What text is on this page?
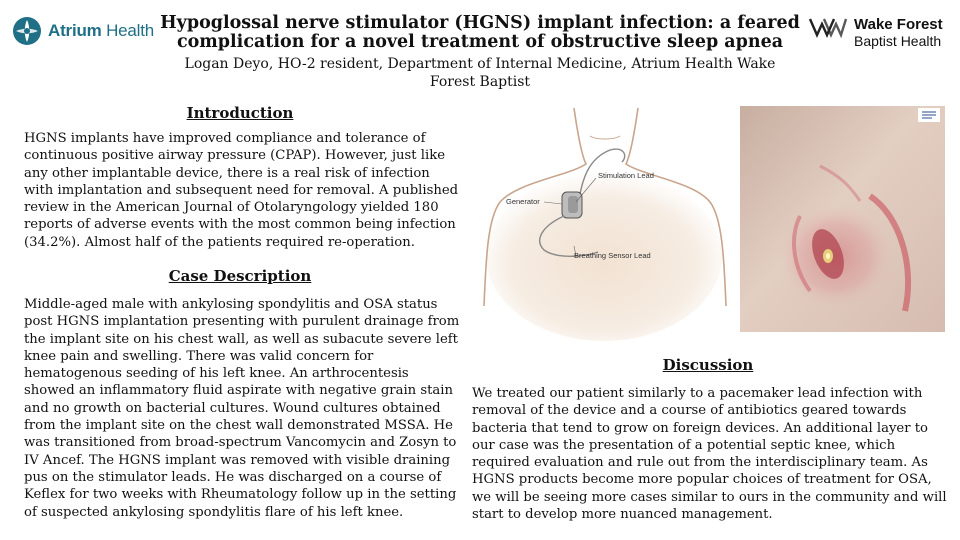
Atrium Health Hypoglossal nerve stimulator (HGNS) implant infection: a feared complication for a novel treatment of obstructive sleep apnea
Logan Deyo, HO-2 resident, Department of Internal Medicine, Atrium Health Wake Forest Baptist
Wake Forest
Baptist Health
Introduction

HGNS implants have improved compliance and tolerance of continuous positive airway pressure (CPAP). However, just like any other implantable device, there is a real risk of infection with implantation and subsequent need for removal. A published review in the American Journal of Otolaryngology yielded 180 reports of adverse events with the most common being infection (34.2%). Almost half of the patients required re-operation.

Case Description

Middle-aged male with ankylosing spondylitis and OSA status post HGNS implantation presenting with purulent drainage from the implant site on his chest wall, as well as subacute severe left knee pain and swelling. There was valid concern for hematogenous seeding of his left knee. An arthrocentesis showed an inflammatory fluid aspirate with negative grain stain and no growth on bacterial cultures. Wound cultures obtained from the implant site on the chest wall demonstrated MSSA. He was transitioned from broad-spectrum Vancomycin and Zosyn to IV Ancef. The HGNS implant was removed with visible draining pus on the stimulator leads. He was discharged on a course of Keflex for two weeks with Rheumatology follow up in the setting of suspected ankylosing spondylitis flare of his left knee.

Stimulation Lead
Generator
Breathing Sensor Lead
Discussion

We treated our patient similarly to a pacemaker lead infection with removal of the device and a course of antibiotics geared towards bacteria that tend to grow on foreign devices. An additional layer to our case was the presentation of a potential septic knee, which required evaluation and rule out from the interdisciplinary team. As HGNS products become more popular choices of treatment for OSA, we will be seeing more cases similar to ours in the community and will start to develop more nuanced management.
